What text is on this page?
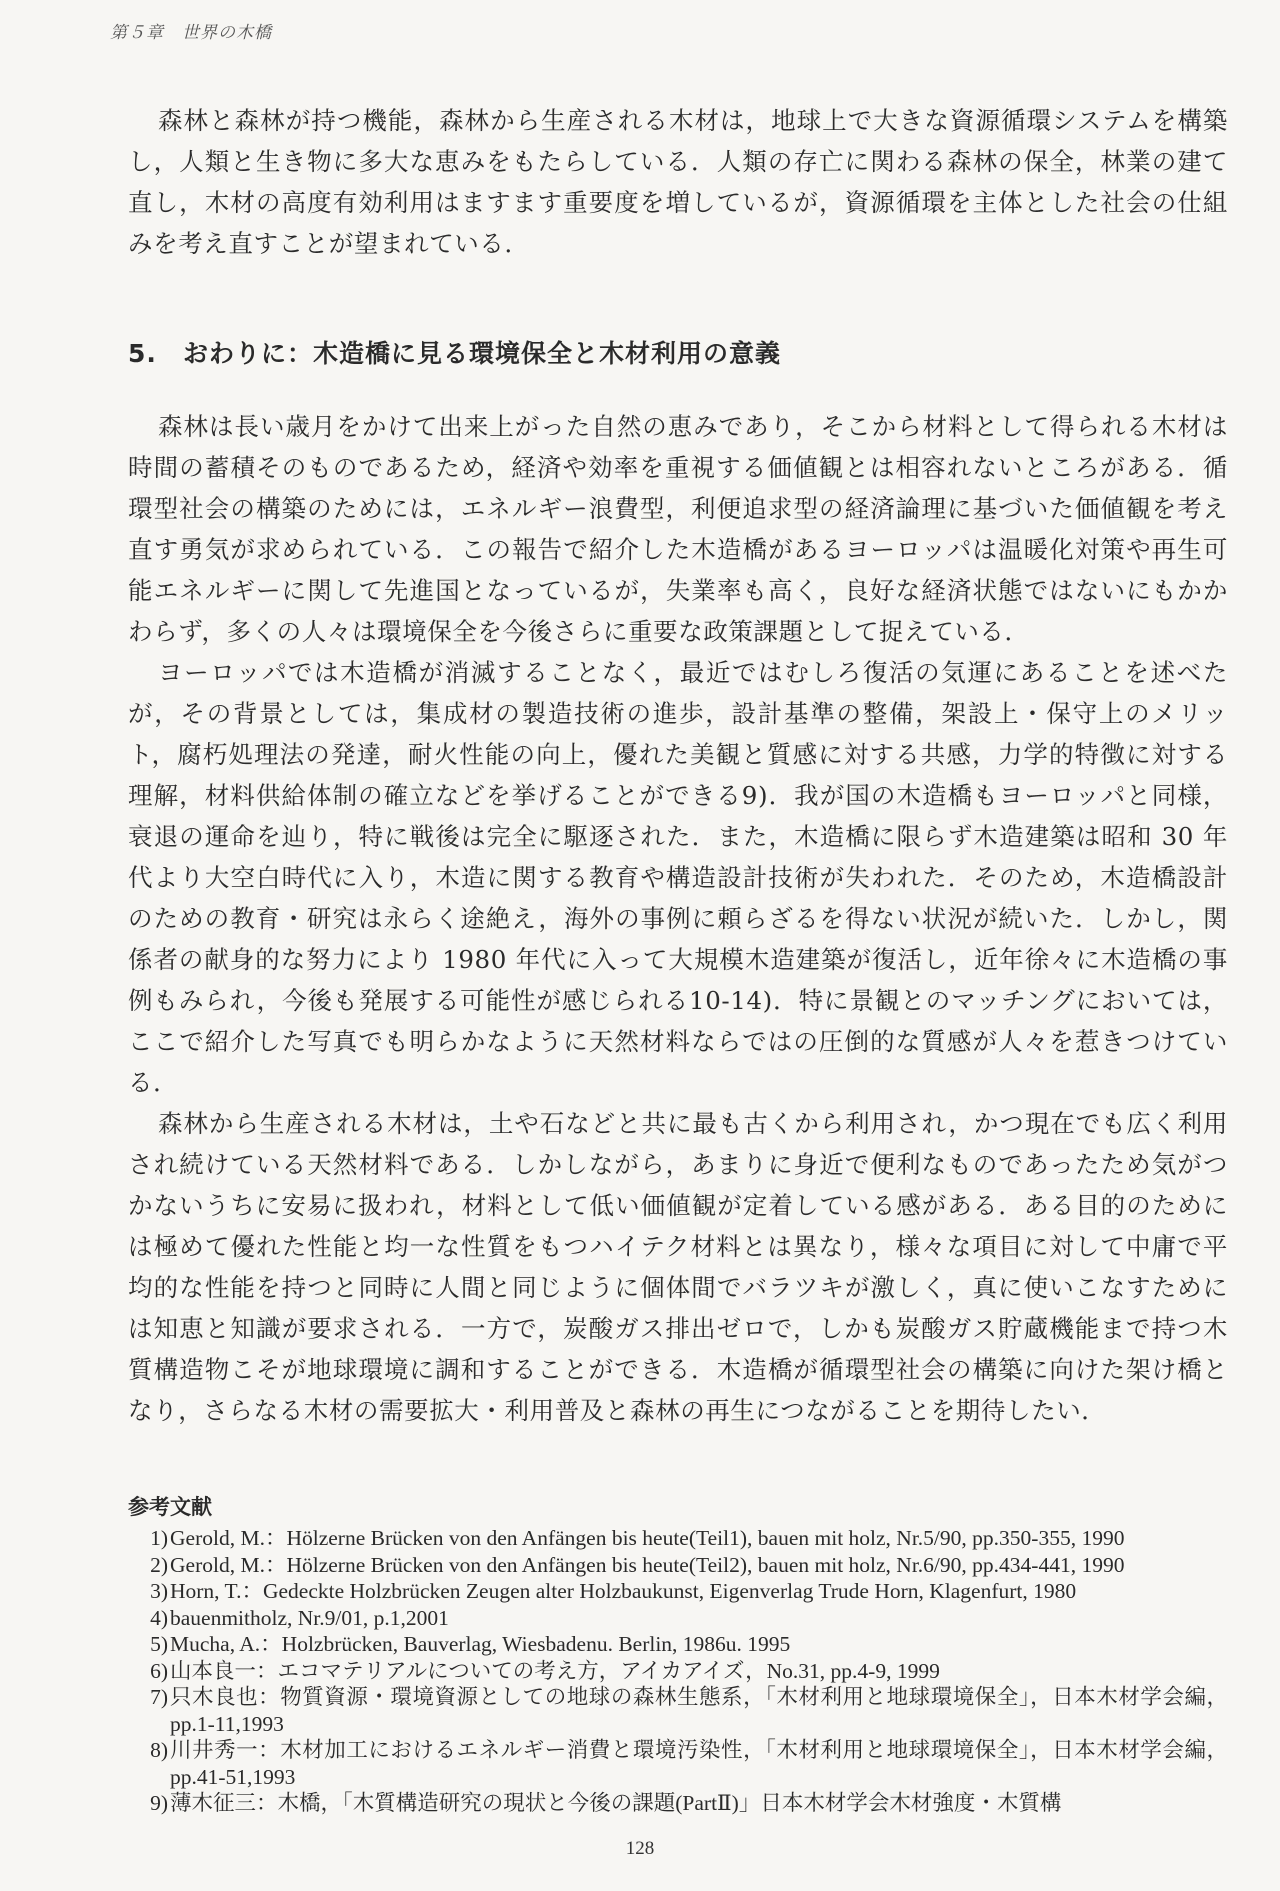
第５章　世界の木橋

森林と森林が持つ機能，森林から生産される木材は，地球上で大きな資源循環システムを構築し，人類と生き物に多大な恵みをもたらしている．人類の存亡に関わる森林の保全，林業の建て直し，木材の高度有効利用はますます重要度を増しているが，資源循環を主体とした社会の仕組みを考え直すことが望まれている．

5. おわりに：木造橋に見る環境保全と木材利用の意義

森林は長い歳月をかけて出来上がった自然の恵みであり，そこから材料として得られる木材は時間の蓄積そのものであるため，経済や効率を重視する価値観とは相容れないところがある．循環型社会の構築のためには，エネルギー浪費型，利便追求型の経済論理に基づいた価値観を考え直す勇気が求められている．この報告で紹介した木造橋があるヨーロッパは温暖化対策や再生可能エネルギーに関して先進国となっているが，失業率も高く，良好な経済状態ではないにもかかわらず，多くの人々は環境保全を今後さらに重要な政策課題として捉えている．

ヨーロッパでは木造橋が消滅することなく，最近ではむしろ復活の気運にあることを述べたが，その背景としては，集成材の製造技術の進歩，設計基準の整備，架設上・保守上のメリット，腐朽処理法の発達，耐火性能の向上，優れた美観と質感に対する共感，力学的特徴に対する理解，材料供給体制の確立などを挙げることができる9)．我が国の木造橋もヨーロッパと同様，衰退の運命を辿り，特に戦後は完全に駆逐された．また，木造橋に限らず木造建築は昭和 30 年代より大空白時代に入り，木造に関する教育や構造設計技術が失われた．そのため，木造橋設計のための教育・研究は永らく途絶え，海外の事例に頼らざるを得ない状況が続いた．しかし，関係者の献身的な努力により 1980 年代に入って大規模木造建築が復活し，近年徐々に木造橋の事例もみられ，今後も発展する可能性が感じられる10-14)．特に景観とのマッチングにおいては，ここで紹介した写真でも明らかなように天然材料ならではの圧倒的な質感が人々を惹きつけている．

森林から生産される木材は，土や石などと共に最も古くから利用され，かつ現在でも広く利用され続けている天然材料である．しかしながら，あまりに身近で便利なものであったため気がつかないうちに安易に扱われ，材料として低い価値観が定着している感がある．ある目的のためには極めて優れた性能と均一な性質をもつハイテク材料とは異なり，様々な項目に対して中庸で平均的な性能を持つと同時に人間と同じように個体間でバラツキが激しく，真に使いこなすためには知恵と知識が要求される．一方で，炭酸ガス排出ゼロで，しかも炭酸ガス貯蔵機能まで持つ木質構造物こそが地球環境に調和することができる．木造橋が循環型社会の構築に向けた架け橋となり，さらなる木材の需要拡大・利用普及と森林の再生につながることを期待したい．

参考文献
1) Gerold, M.：Hölzerne Brücken von den Anfängen bis heute(Teil1), bauen mit holz, Nr.5/90, pp.350-355, 1990
2) Gerold, M.：Hölzerne Brücken von den Anfängen bis heute(Teil2), bauen mit holz, Nr.6/90, pp.434-441, 1990
3) Horn, T.：Gedeckte Holzbrücken Zeugen alter Holzbaukunst, Eigenverlag Trude Horn, Klagenfurt, 1980
4) bauenmitholz, Nr.9/01, p.1,2001
5) Mucha, A.：Holzbrücken, Bauverlag, Wiesbadenu. Berlin, 1986u. 1995
6) 山本良一：エコマテリアルについての考え方，アイカアイズ，No.31, pp.4-9, 1999
7) 只木良也：物質資源・環境資源としての地球の森林生態系，「木材利用と地球環境保全」，日本木材学会編，pp.1-11,1993
8) 川井秀一：木材加工におけるエネルギー消費と環境汚染性，「木材利用と地球環境保全」，日本木材学会編，pp.41-51,1993
9) 薄木征三：木橋，「木質構造研究の現状と今後の課題(PartⅡ)」日本木材学会木材強度・木質構
128
